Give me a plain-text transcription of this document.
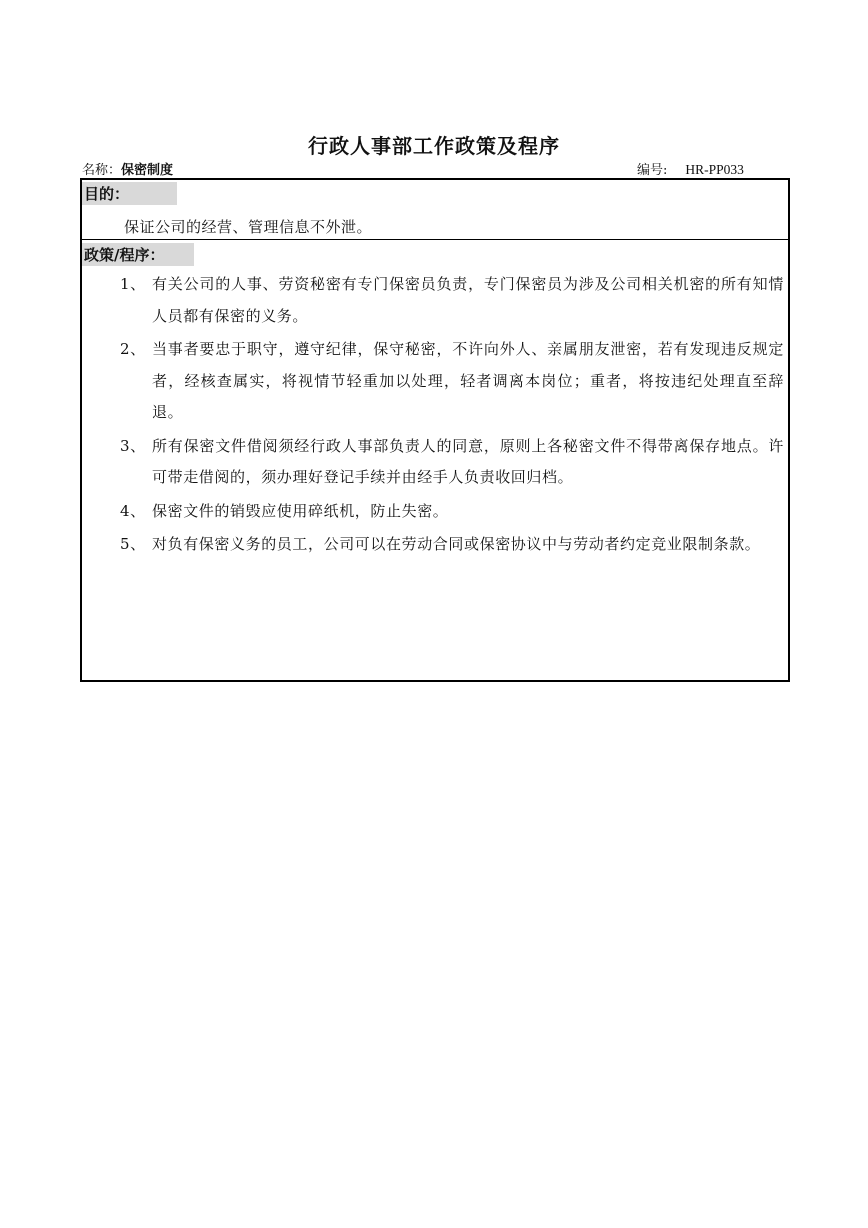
行政人事部工作政策及程序
名称：保密制度	编号: HR-PP033
目的：
保证公司的经营、管理信息不外泄。
政策/程序：
1、 有关公司的人事、劳资秘密有专门保密员负责，专门保密员为涉及公司相关机密的所有知情人员都有保密的义务。
2、 当事者要忠于职守，遵守纪律，保守秘密，不许向外人、亲属朋友泄密，若有发现违反规定者，经核查属实，将视情节轻重加以处理，轻者调离本岗位；重者，将按违纪处理直至辞退。
3、 所有保密文件借阅须经行政人事部负责人的同意，原则上各秘密文件不得带离保存地点。许可带走借阅的，须办理好登记手续并由经手人负责收回归档。
4、 保密文件的销毁应使用碎纸机，防止失密。
5、 对负有保密义务的员工，公司可以在劳动合同或保密协议中与劳动者约定竞业限制条款。
